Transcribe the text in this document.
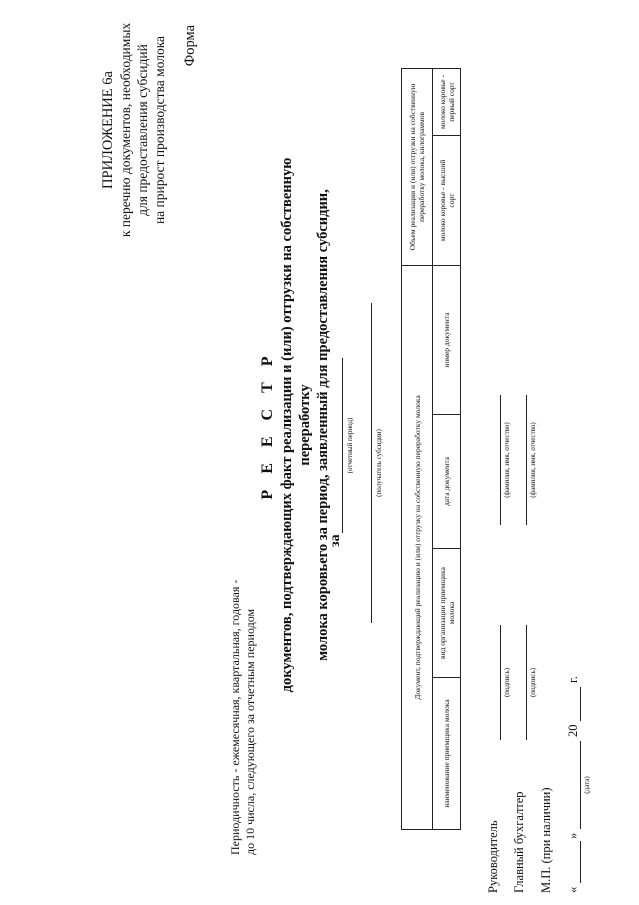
ПРИЛОЖЕНИЕ 6а к перечню документов, необходимых для предоставления субсидий на прирост производства молока Форма
Р Е Е С Т Р документов, подтверждающих факт реализации и (или) отгрузки на собственную переработку молока коровьего за период, заявленный для предоставления субсидии,
за
(отчетный период)	(получатель субсидии)
Периодичность - ежемесячная, квартальная, годовая - до 10 числа, следующего за отчетным периодом
Документ, подтверждающий реализацию и (или) отгрузку на собственную переработку молока
Объем реализации и (или) отгрузки на собственную переработку молока, килограммов
наименование приемщика молока
вид организации приемщика молока
дата документа
номер документа
молоко коровье - высший сорт
молоко коровье - первый сорт
Руководитель
(подпись)
(фамилия, имя, отчество)
Главный бухгалтер
(подпись)
(фамилия, имя, отчество)
М.П. (при наличии) «
»
(дата)
20
г.
